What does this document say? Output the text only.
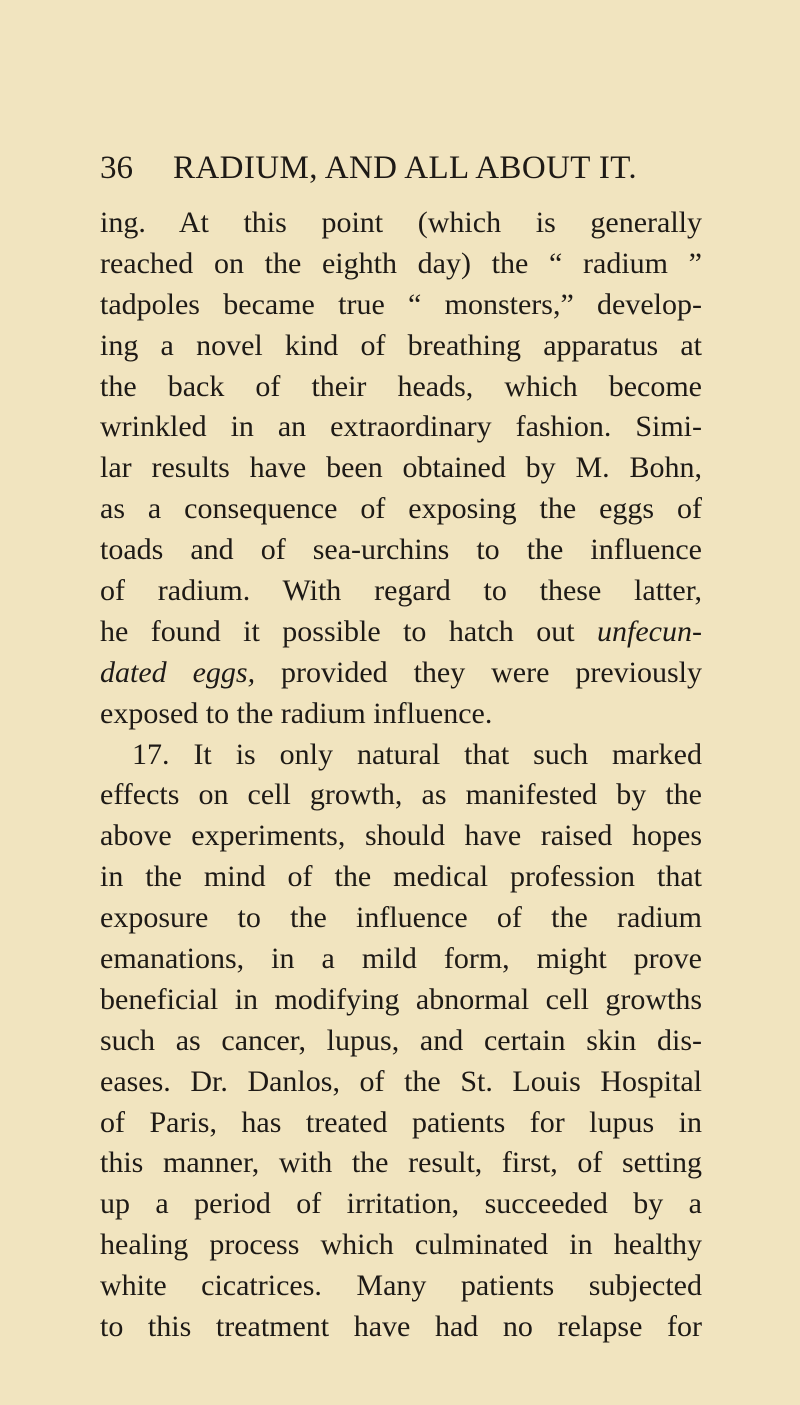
36 RADIUM, AND ALL ABOUT IT.
ing. At this point (which is generally
reached on the eighth day) the “ radium ”
tadpoles became true “ monsters,” develop-
ing a novel kind of breathing apparatus at
the back of their heads, which become
wrinkled in an extraordinary fashion. Simi-
lar results have been obtained by M. Bohn,
as a consequence of exposing the eggs of
toads and of sea-urchins to the influence
of radium. With regard to these latter,
he found it possible to hatch out unfecun-
dated eggs, provided they were previously
exposed to the radium influence.
17. It is only natural that such marked
effects on cell growth, as manifested by the
above experiments, should have raised hopes
in the mind of the medical profession that
exposure to the influence of the radium
emanations, in a mild form, might prove
beneficial in modifying abnormal cell growths
such as cancer, lupus, and certain skin dis-
eases. Dr. Danlos, of the St. Louis Hospital
of Paris, has treated patients for lupus in
this manner, with the result, first, of setting
up a period of irritation, succeeded by a
healing process which culminated in healthy
white cicatrices. Many patients subjected
to this treatment have had no relapse for
